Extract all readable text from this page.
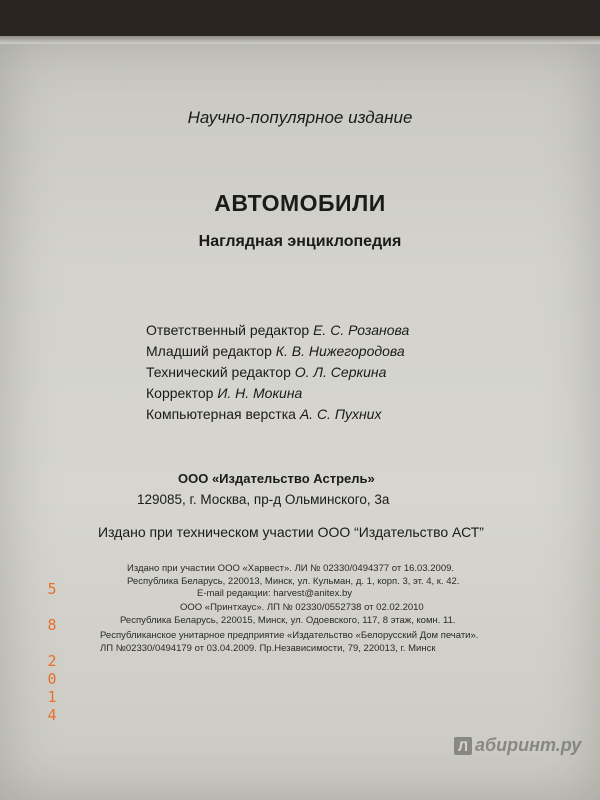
Научно-популярное издание
АВТОМОБИЛИ
Наглядная энциклопедия
Ответственный редактор Е. С. Розанова
Младший редактор К. В. Нижегородова
Технический редактор О. Л. Серкина
Корректор И. Н. Мокина
Компьютерная верстка А. С. Пухних
ООО «Издательство Астрель»
129085, г. Москва, пр-д Ольминского, 3а
Издано при техническом участии ООО “Издательство АСТ”
Издано при участии ООО «Харвест». ЛИ № 02330/0494377 от 16.03.2009.
Республика Беларусь, 220013, Минск, ул. Кульман, д. 1, корп. 3, эт. 4, к. 42.
E-mail редакции: harvest@anitex.by
ООО «Принтхаус». ЛП № 02330/0552738 от 02.02.2010
Республика Беларусь, 220015, Минск, ул. Одоевского, 117, 8 этаж, комн. 11.
Республиканское унитарное предприятие «Издательство «Белорусский Дом печати».
ЛП №02330/0494179 от 03.04.2009. Пр.Независимости, 79, 220013, г. Минск
5

8

2
0
1
4
Л абиринт.ру
